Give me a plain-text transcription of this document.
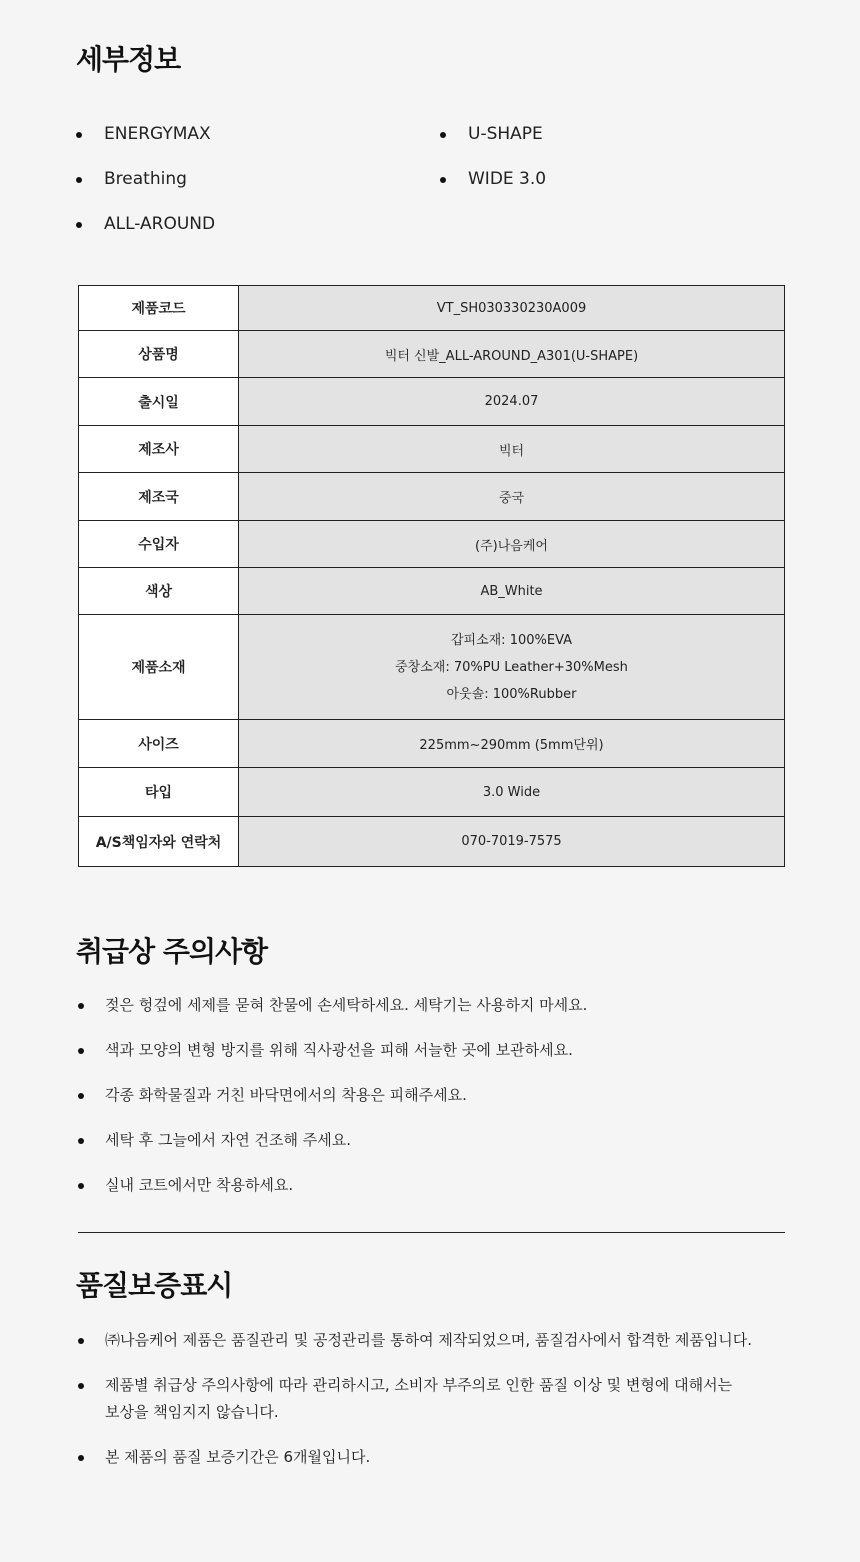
세부정보
ENERGYMAX
Breathing
ALL-AROUND
U-SHAPE
WIDE 3.0
제품코드	VT_SH030330230A009
상품명	빅터 신발_ALL-AROUND_A301(U-SHAPE)
출시일	2024.07
제조사	빅터
제조국	중국
수입자	(주)나음케어
색상	AB_White
제품소재	갑피소재: 100%EVA
중창소재: 70%PU Leather+30%Mesh
아웃솔: 100%Rubber

사이즈	225mm~290mm (5mm단위)
타입	3.0 Wide
A/S책임자와 연락처	070-7019-7575
취급상 주의사항
젖은 헝겊에 세제를 묻혀 찬물에 손세탁하세요. 세탁기는 사용하지 마세요.
색과 모양의 변형 방지를 위해 직사광선을 피해 서늘한 곳에 보관하세요.
각종 화학물질과 거친 바닥면에서의 착용은 피해주세요.
세탁 후 그늘에서 자연 건조해 주세요.
실내 코트에서만 착용하세요.
품질보증표시
㈜나음케어 제품은 품질관리 및 공정관리를 통하여 제작되었으며, 품질검사에서 합격한 제품입니다.
제품별 취급상 주의사항에 따라 관리하시고, 소비자 부주의로 인한 품질 이상 및 변형에 대해서는
보상을 책임지지 않습니다.
본 제품의 품질 보증기간은 6개월입니다.
